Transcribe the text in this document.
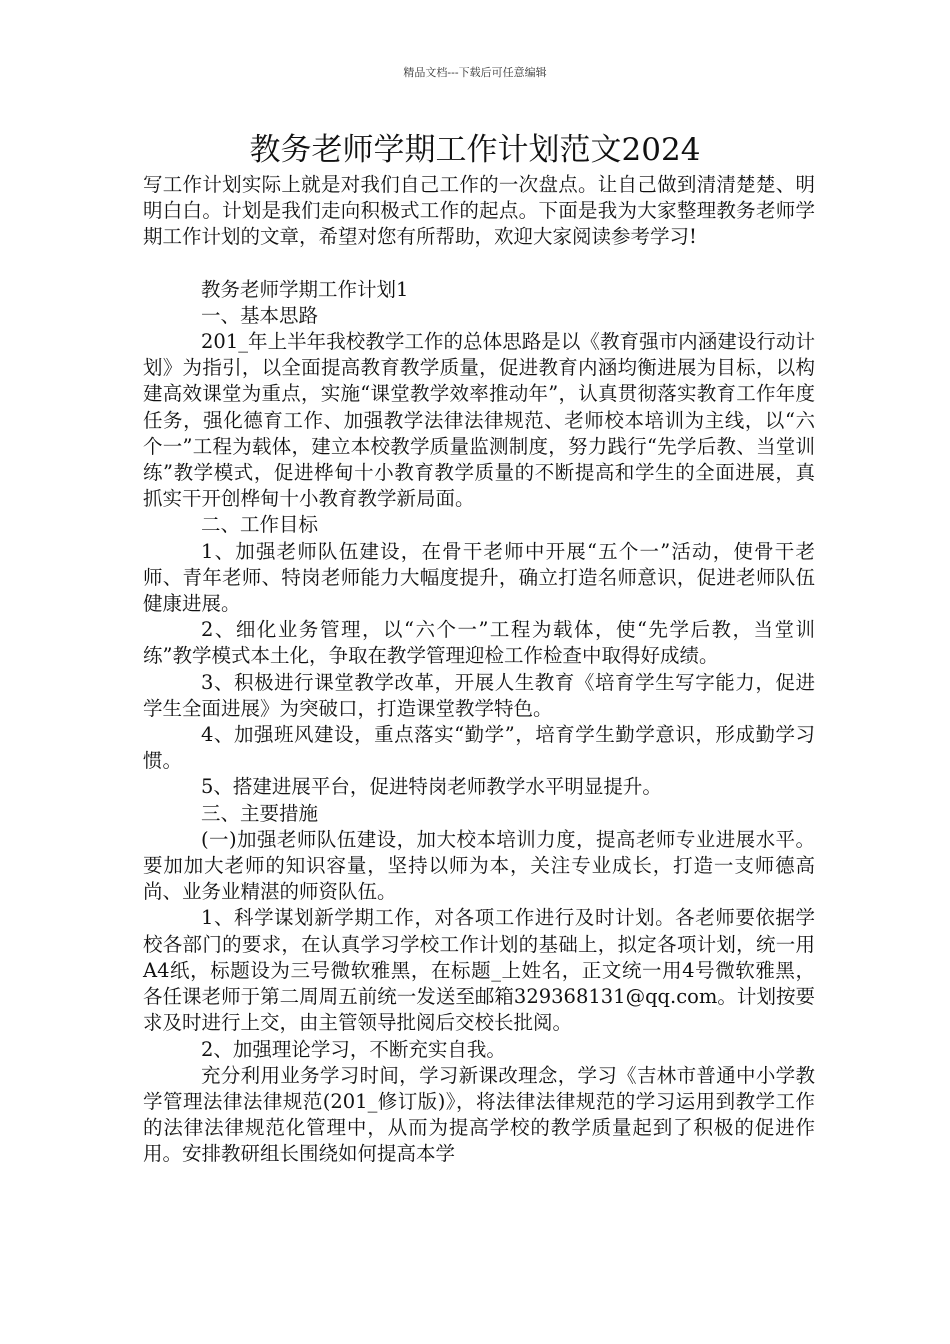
精品文档---下载后可任意编辑
教务老师学期工作计划范文2024

写工作计划实际上就是对我们自己工作的一次盘点。让自己做到清清楚楚、明明白白。计划是我们走向积极式工作的起点。下面是我为大家整理教务老师学期工作计划的文章，希望对您有所帮助，欢迎大家阅读参考学习!

教务老师学期工作计划1

一、基本思路

201_年上半年我校教学工作的总体思路是以《教育强市内涵建设行动计划》为指引，以全面提高教育教学质量，促进教育内涵均衡进展为目标，以构建高效课堂为重点，实施“课堂教学效率推动年”，认真贯彻落实教育工作年度任务，强化德育工作、加强教学法律法律规范、老师校本培训为主线，以“六个一”工程为载体，建立本校教学质量监测制度，努力践行“先学后教、当堂训练”教学模式，促进桦甸十小教育教学质量的不断提高和学生的全面进展，真抓实干开创桦甸十小教育教学新局面。

二、工作目标

1、加强老师队伍建设，在骨干老师中开展“五个一”活动，使骨干老师、青年老师、特岗老师能力大幅度提升，确立打造名师意识，促进老师队伍健康进展。

2、细化业务管理，以“六个一”工程为载体，使“先学后教，当堂训练”教学模式本土化，争取在教学管理迎检工作检查中取得好成绩。

3、积极进行课堂教学改革，开展人生教育《培育学生写字能力，促进学生全面进展》为突破口，打造课堂教学特色。

4、加强班风建设，重点落实“勤学”，培育学生勤学意识，形成勤学习惯。

5、搭建进展平台，促进特岗老师教学水平明显提升。

三、主要措施

(一)加强老师队伍建设，加大校本培训力度，提高老师专业进展水平。要加加大老师的知识容量，坚持以师为本，关注专业成长，打造一支师德高尚、业务业精湛的师资队伍。

1、科学谋划新学期工作，对各项工作进行及时计划。各老师要依据学校各部门的要求，在认真学习学校工作计划的基础上，拟定各项计划，统一用A4纸，标题设为三号微软雅黑，在标题_上姓名，正文统一用4号微软雅黑，各任课老师于第二周周五前统一发送至邮箱329368131@qq.com。计划按要求及时进行上交，由主管领导批阅后交校长批阅。

2、加强理论学习，不断充实自我。

充分利用业务学习时间，学习新课改理念，学习《吉林市普通中小学教学管理法律法律规范(201_修订版)》，将法律法律规范的学习运用到教学工作的法律法律规范化管理中，从而为提高学校的教学质量起到了积极的促进作用。安排教研组长围绕如何提高本学
